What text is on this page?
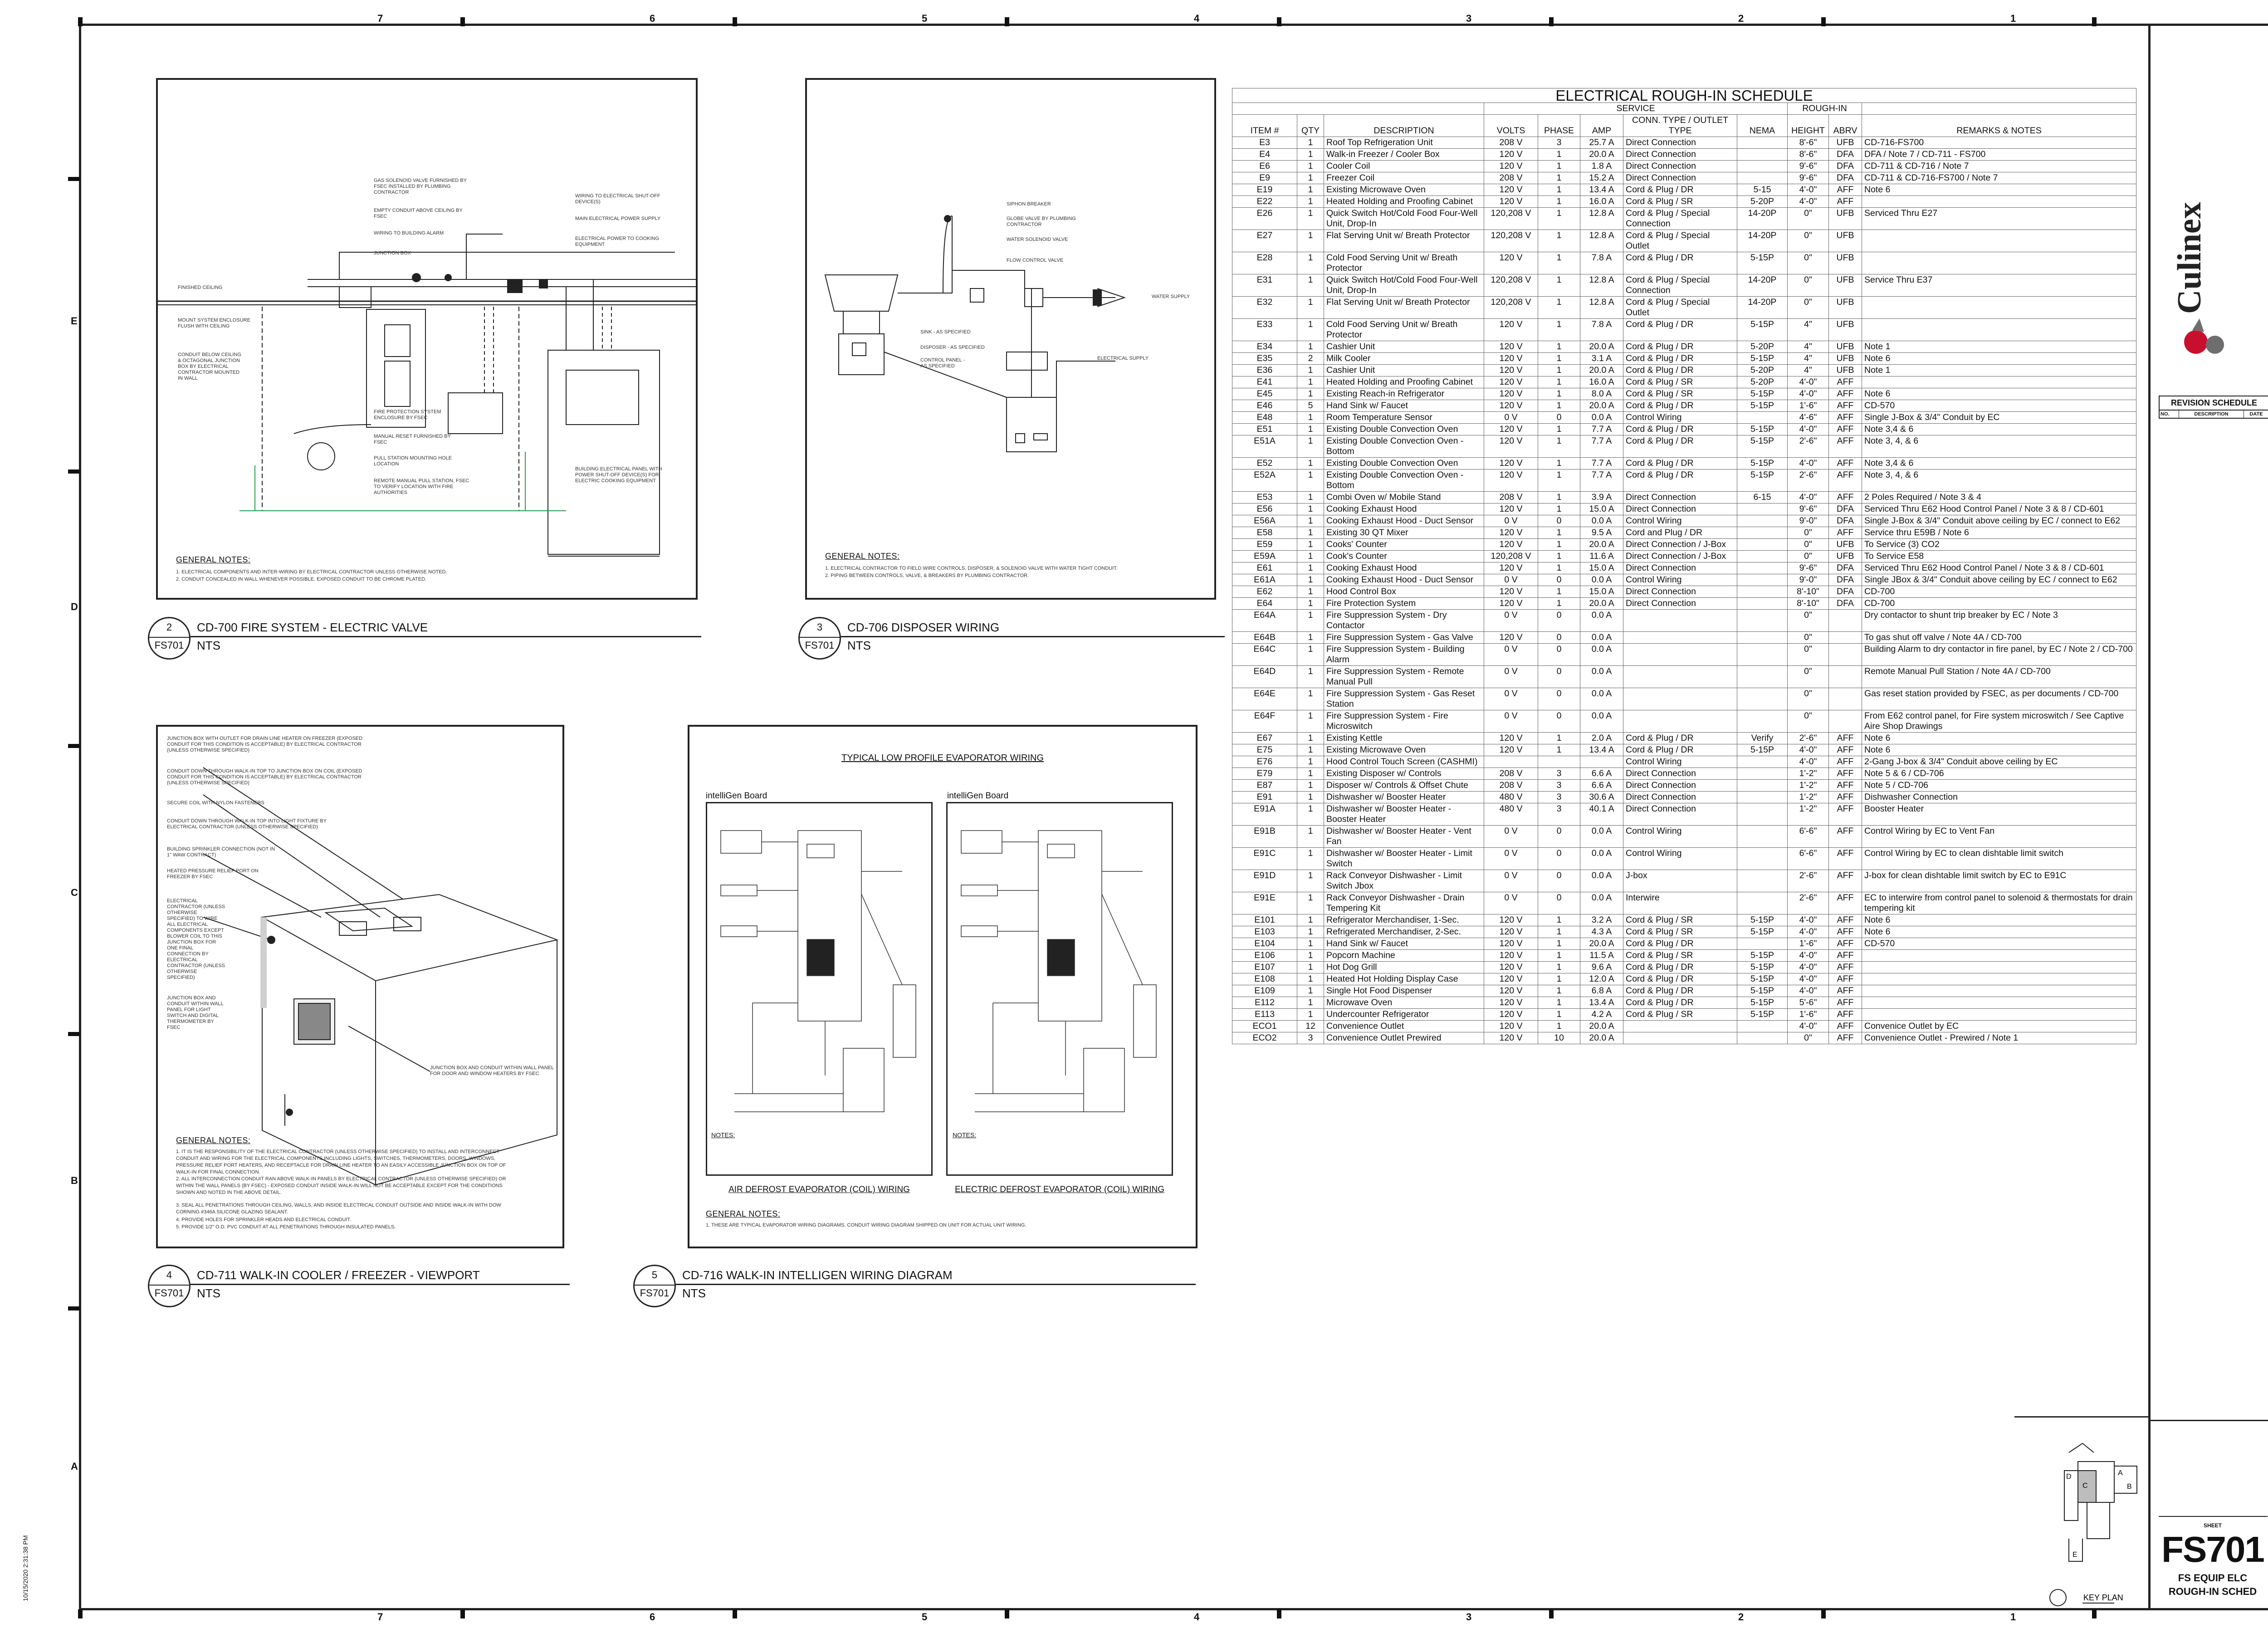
7	6	5	4	3	2	1
7	6	5	4	3	2	1
E
D
C
B
A
10/15/2020 2:31:38 PM
GAS SOLENOID VALVE FURNISHED BY FSEC INSTALLED BY PLUMBING CONTRACTOR
EMPTY CONDUIT ABOVE CEILING BY FSEC
WIRING TO BUILDING ALARM
JUNCTION BOX
WIRING TO ELECTRICAL SHUT-OFF DEVICE(S)
MAIN ELECTRICAL POWER SUPPLY
ELECTRICAL POWER TO COOKING EQUIPMENT
FINISHED CEILING
MOUNT SYSTEM ENCLOSURE FLUSH WITH CEILING
CONDUIT BELOW CEILING & OCTAGONAL JUNCTION BOX BY ELECTRICAL CONTRACTOR MOUNTED IN WALL
FIRE PROTECTION SYSTEM ENCLOSURE BY FSEC
MANUAL RESET FURNISHED BY FSEC
PULL STATION MOUNTING HOLE LOCATION
REMOTE MANUAL PULL STATION, FSEC TO VERIFY LOCATION WITH FIRE AUTHORITIES
BUILDING ELECTRICAL PANEL WITH POWER SHUT-OFF DEVICE(S) FOR ELECTRIC COOKING EQUIPMENT
GENERAL NOTES:
1. ELECTRICAL COMPONENTS AND INTER-WIRING BY ELECTRICAL CONTRACTOR UNLESS OTHERWISE NOTED.
2. CONDUIT CONCEALED IN WALL WHENEVER POSSIBLE. EXPOSED CONDUIT TO BE CHROME PLATED.
2
FS701
CD-700 FIRE SYSTEM - ELECTRIC VALVE
NTS
SIPHON BREAKER
GLOBE VALVE BY PLUMBING CONTRACTOR
WATER SOLENOID VALVE
FLOW CONTROL VALVE
WATER SUPPLY
SINK - AS SPECIFIED
DISPOSER - AS SPECIFIED
CONTROL PANEL - AS SPECIFIED
ELECTRICAL SUPPLY
GENERAL NOTES:
1. ELECTRICAL CONTRACTOR TO FIELD WIRE CONTROLS, DISPOSER, & SOLENOID VALVE WITH WATER TIGHT CONDUIT.
2. PIPING BETWEEN CONTROLS, VALVE, & BREAKERS BY PLUMBING CONTRACTOR.
3
FS701
CD-706 DISPOSER WIRING
NTS
JUNCTION BOX WITH OUTLET FOR DRAIN LINE HEATER ON FREEZER (EXPOSED CONDUIT FOR THIS CONDITION IS ACCEPTABLE) BY ELECTRICAL CONTRACTOR (UNLESS OTHERWISE SPECIFIED)
CONDUIT DOWN THROUGH WALK-IN TOP TO JUNCTION BOX ON COIL (EXPOSED CONDUIT FOR THIS CONDITION IS ACCEPTABLE) BY ELECTRICAL CONTRACTOR (UNLESS OTHERWISE SPECIFIED)
SECURE COIL WITH NYLON FASTENERS
CONDUIT DOWN THROUGH WALK-IN TOP INTO LIGHT FIXTURE BY ELECTRICAL CONTRACTOR (UNLESS OTHERWISE SPECIFIED)
BUILDING SPRINKLER CONNECTION (NOT IN 1" WAW CONTRACT)
HEATED PRESSURE RELIEF PORT ON FREEZER BY FSEC
ELECTRICAL CONTRACTOR (UNLESS OTHERWISE SPECIFIED) TO WIRE ALL ELECTRICAL COMPONENTS EXCEPT BLOWER COIL TO THIS JUNCTION BOX FOR ONE FINAL CONNECTION BY ELECTRICAL CONTRACTOR (UNLESS OTHERWISE SPECIFIED)
JUNCTION BOX AND CONDUIT WITHIN WALL PANEL FOR LIGHT SWITCH AND DIGITAL THERMOMETER BY FSEC
JUNCTION BOX AND CONDUIT WITHIN WALL PANEL FOR DOOR AND WINDOW HEATERS BY FSEC
GENERAL NOTES:
1. IT IS THE RESPONSIBILITY OF THE ELECTRICAL CONTRACTOR (UNLESS OTHERWISE SPECIFIED) TO INSTALL AND INTERCONNECT CONDUIT AND WIRING FOR THE ELECTRICAL COMPONENTS INCLUDING LIGHTS, SWITCHES, THERMOMETERS, DOORS, WINDOWS, PRESSURE RELIEF PORT HEATERS, AND RECEPTACLE FOR DRAIN LINE HEATER TO AN EASILY ACCESSIBLE JUNCTION BOX ON TOP OF WALK-IN FOR FINAL CONNECTION.
2. ALL INTERCONNECTION CONDUIT RAN ABOVE WALK-IN PANELS BY ELECTRICAL CONTRACTOR (UNLESS OTHERWISE SPECIFIED) OR WITHIN THE WALL PANELS (BY FSEC) - EXPOSED CONDUIT INSIDE WALK-IN WILL NOT BE ACCEPTABLE EXCEPT FOR THE CONDITIONS SHOWN AND NOTED IN THE ABOVE DETAIL.
3. SEAL ALL PENETRATIONS THROUGH CEILING, WALLS, AND INSIDE ELECTRICAL CONDUIT OUTSIDE AND INSIDE WALK-IN WITH DOW CORNING #346A SILICONE GLAZING SEALANT.
4. PROVIDE HOLES FOR SPRINKLER HEADS AND ELECTRICAL CONDUIT.
5. PROVIDE 1/2" O.D. PVC CONDUIT AT ALL PENETRATIONS THROUGH INSULATED PANELS.
4
FS701
CD-711 WALK-IN COOLER / FREEZER - VIEWPORT
NTS
TYPICAL LOW PROFILE EVAPORATOR WIRING
intelliGen Board	intelliGen Board
NOTES:	NOTES:
AIR DEFROST EVAPORATOR (COIL) WIRING	ELECTRIC DEFROST EVAPORATOR (COIL) WIRING
GENERAL NOTES:
1. THESE ARE TYPICAL EVAPORATOR WIRING DIAGRAMS. CONDUIT WIRING DIAGRAM SHIPPED ON UNIT FOR ACTUAL UNIT WIRING.
5
FS701
CD-716 WALK-IN INTELLIGEN WIRING DIAGRAM
NTS
ELECTRICAL ROUGH-IN SCHEDULE										
			SERVICE					ROUGH-IN		
ITEM #	QTY	DESCRIPTION	VOLTS	PHASE	AMP	CONN. TYPE / OUTLET TYPE	NEMA	HEIGHT	ABRV	REMARKS & NOTES
E3	1	Roof Top Refrigeration Unit	208 V	3	25.7 A	Direct Connection		8'-6"	UFB	CD-716-FS700
E4	1	Walk-in Freezer / Cooler Box	120 V	1	20.0 A	Direct Connection		8'-6"	DFA	DFA / Note 7 / CD-711 - FS700
E6	1	Cooler Coil	120 V	1	1.8 A	Direct Connection		9'-6"	DFA	CD-711 & CD-716 / Note 7
E9	1	Freezer Coil	208 V	1	15.2 A	Direct Connection		9'-6"	DFA	CD-711 & CD-716-FS700 / Note 7
E19	1	Existing Microwave Oven	120 V	1	13.4 A	Cord & Plug / DR	5-15	4'-0"	AFF	Note 6
E22	1	Heated Holding and Proofing Cabinet	120 V	1	16.0 A	Cord & Plug / SR	5-20P	4'-0"	AFF	
E26	1	Quick Switch Hot/Cold Food Four-Well Unit, Drop-In	120,208 V	1	12.8 A	Cord & Plug / Special Connection	14-20P	0"	UFB	Serviced Thru E27
E27	1	Flat Serving Unit w/ Breath Protector	120,208 V	1	12.8 A	Cord & Plug / Special Outlet	14-20P	0"	UFB	
E28	1	Cold Food Serving Unit w/ Breath Protector	120 V	1	7.8 A	Cord & Plug / DR	5-15P	0"	UFB	
E31	1	Quick Switch Hot/Cold Food Four-Well Unit, Drop-In	120,208 V	1	12.8 A	Cord & Plug / Special Connection	14-20P	0"	UFB	Service Thru E37
E32	1	Flat Serving Unit w/ Breath Protector	120,208 V	1	12.8 A	Cord & Plug / Special Outlet	14-20P	0"	UFB	
E33	1	Cold Food Serving Unit w/ Breath Protector	120 V	1	7.8 A	Cord & Plug / DR	5-15P	4"	UFB	
E34	1	Cashier Unit	120 V	1	20.0 A	Cord & Plug / DR	5-20P	4"	UFB	Note 1
E35	2	Milk Cooler	120 V	1	3.1 A	Cord & Plug / DR	5-15P	4"	UFB	Note 6
E36	1	Cashier Unit	120 V	1	20.0 A	Cord & Plug / DR	5-20P	4"	UFB	Note 1
E41	1	Heated Holding and Proofing Cabinet	120 V	1	16.0 A	Cord & Plug / SR	5-20P	4'-0"	AFF	
E45	1	Existing Reach-in Refrigerator	120 V	1	8.0 A	Cord & Plug / SR	5-15P	4'-0"	AFF	Note 6
E46	5	Hand Sink w/ Faucet	120 V	1	20.0 A	Cord & Plug / DR	5-15P	1'-6"	AFF	CD-570
E48	1	Room Temperature Sensor	0 V	0	0.0 A	Control Wiring		4'-6"	AFF	Single J-Box & 3/4" Conduit by EC
E51	1	Existing Double Convection Oven	120 V	1	7.7 A	Cord & Plug / DR	5-15P	4'-0"	AFF	Note 3,4 & 6
E51A	1	Existing Double Convection Oven - Bottom	120 V	1	7.7 A	Cord & Plug / DR	5-15P	2'-6"	AFF	Note 3, 4, & 6
E52	1	Existing Double Convection Oven	120 V	1	7.7 A	Cord & Plug / DR	5-15P	4'-0"	AFF	Note 3,4 & 6
E52A	1	Existing Double Convection Oven - Bottom	120 V	1	7.7 A	Cord & Plug / DR	5-15P	2'-6"	AFF	Note 3, 4, & 6
E53	1	Combi Oven w/ Mobile Stand	208 V	1	3.9 A	Direct Connection	6-15	4'-0"	AFF	2 Poles Required / Note 3 & 4
E56	1	Cooking Exhaust Hood	120 V	1	15.0 A	Direct Connection		9'-6"	DFA	Serviced Thru E62 Hood Control Panel / Note 3 & 8 / CD-601
E56A	1	Cooking Exhaust Hood - Duct Sensor	0 V	0	0.0 A	Control Wiring		9'-0"	DFA	Single J-Box & 3/4" Conduit above ceiling by EC / connect to E62
E58	1	Existing 30 QT Mixer	120 V	1	9.5 A	Cord and Plug / DR		0"	AFF	Service thru E59B / Note 6
E59	1	Cooks' Counter	120 V	1	20.0 A	Direct Connection / J-Box		0"	UFB	To Service (3) CO2
E59A	1	Cook's Counter	120,208 V	1	11.6 A	Direct Connection / J-Box		0"	UFB	To Service E58
E61	1	Cooking Exhaust Hood	120 V	1	15.0 A	Direct Connection		9'-6"	DFA	Serviced Thru E62 Hood Control Panel / Note 3 & 8 / CD-601
E61A	1	Cooking Exhaust Hood - Duct Sensor	0 V	0	0.0 A	Control Wiring		9'-0"	DFA	Single JBox & 3/4" Conduit above ceiling by EC / connect to E62
E62	1	Hood Control Box	120 V	1	15.0 A	Direct Connection		8'-10"	DFA	CD-700
E64	1	Fire Protection System	120 V	1	20.0 A	Direct Connection		8'-10"	DFA	CD-700
E64A	1	Fire Suppression System - Dry Contactor	0 V	0	0.0 A			0"		Dry contactor to shunt trip breaker by EC / Note 3
E64B	1	Fire Suppression System - Gas Valve	120 V	0	0.0 A			0"		To gas shut off valve / Note 4A / CD-700
E64C	1	Fire Suppression System - Building Alarm	0 V	0	0.0 A			0"		Building Alarm to dry contactor in fire panel, by EC / Note 2 / CD-700
E64D	1	Fire Suppression System - Remote Manual Pull	0 V	0	0.0 A			0"		Remote Manual Pull Station / Note 4A / CD-700
E64E	1	Fire Suppression System - Gas Reset Station	0 V	0	0.0 A			0"		Gas reset station provided by FSEC, as per documents / CD-700
E64F	1	Fire Suppression System - Fire Microswitch	0 V	0	0.0 A			0"		From E62 control panel, for Fire system microswitch / See Captive Aire Shop Drawings
E67	1	Existing Kettle	120 V	1	2.0 A	Cord & Plug / DR	Verify	2'-6"	AFF	Note 6
E75	1	Existing Microwave Oven	120 V	1	13.4 A	Cord & Plug / DR	5-15P	4'-0"	AFF	Note 6
E76	1	Hood Control Touch Screen (CASHMI)				Control Wiring		4'-0"	AFF	2-Gang J-box & 3/4" Conduit above ceiling by EC
E79	1	Existing Disposer w/ Controls	208 V	3	6.6 A	Direct Connection		1'-2"	AFF	Note 5 & 6 / CD-706
E87	1	Disposer w/ Controls & Offset Chute	208 V	3	6.6 A	Direct Connection		1'-2"	AFF	Note 5 / CD-706
E91	1	Dishwasher w/ Booster Heater	480 V	3	30.6 A	Direct Connection		1'-2"	AFF	Dishwasher Connection
E91A	1	Dishwasher w/ Booster Heater - Booster Heater	480 V	3	40.1 A	Direct Connection		1'-2"	AFF	Booster Heater
E91B	1	Dishwasher w/ Booster Heater - Vent Fan	0 V	0	0.0 A	Control Wiring		6'-6"	AFF	Control Wiring by EC to Vent Fan
E91C	1	Dishwasher w/ Booster Heater - Limit Switch	0 V	0	0.0 A	Control Wiring		6'-6"	AFF	Control Wiring by EC to clean dishtable limit switch
E91D	1	Rack Conveyor Dishwasher - Limit Switch Jbox	0 V	0	0.0 A	J-box		2'-6"	AFF	J-box for clean dishtable limit switch by EC to E91C
E91E	1	Rack Conveyor Dishwasher - Drain Tempering Kit	0 V	0	0.0 A	Interwire		2'-6"	AFF	EC to interwire from control panel to solenoid & thermostats for drain tempering kit
E101	1	Refrigerator Merchandiser, 1-Sec.	120 V	1	3.2 A	Cord & Plug / SR	5-15P	4'-0"	AFF	Note 6
E103	1	Refrigerated Merchandiser, 2-Sec.	120 V	1	4.3 A	Cord & Plug / SR	5-15P	4'-0"	AFF	Note 6
E104	1	Hand Sink w/ Faucet	120 V	1	20.0 A	Cord & Plug / DR		1'-6"	AFF	CD-570
E106	1	Popcorn Machine	120 V	1	11.5 A	Cord & Plug / SR	5-15P	4'-0"	AFF	
E107	1	Hot Dog Grill	120 V	1	9.6 A	Cord & Plug / DR	5-15P	4'-0"	AFF	
E108	1	Heated Hot Holding Display Case	120 V	1	12.0 A	Cord & Plug / DR	5-15P	4'-0"	AFF	
E109	1	Single Hot Food Dispenser	120 V	1	6.8 A	Cord & Plug / DR	5-15P	4'-0"	AFF	
E112	1	Microwave Oven	120 V	1	13.4 A	Cord & Plug / DR	5-15P	5'-6"	AFF	
E113	1	Undercounter Refrigerator	120 V	1	4.2 A	Cord & Plug / SR	5-15P	1'-6"	AFF	
ECO1	12	Convenience Outlet	120 V	1	20.0 A			4'-0"	AFF	Convenice Outlet by EC
ECO2	3	Convenience Outlet Prewired	120 V	10	20.0 A			0"	AFF	Convenience Outlet - Prewired / Note 1
Culinex
REVISION SCHEDULE
NO.	DESCRIPTION	DATE
A
B
C
D
E
KEY PLAN
SHEET
FS701
FS EQUIP ELC
ROUGH-IN SCHED
